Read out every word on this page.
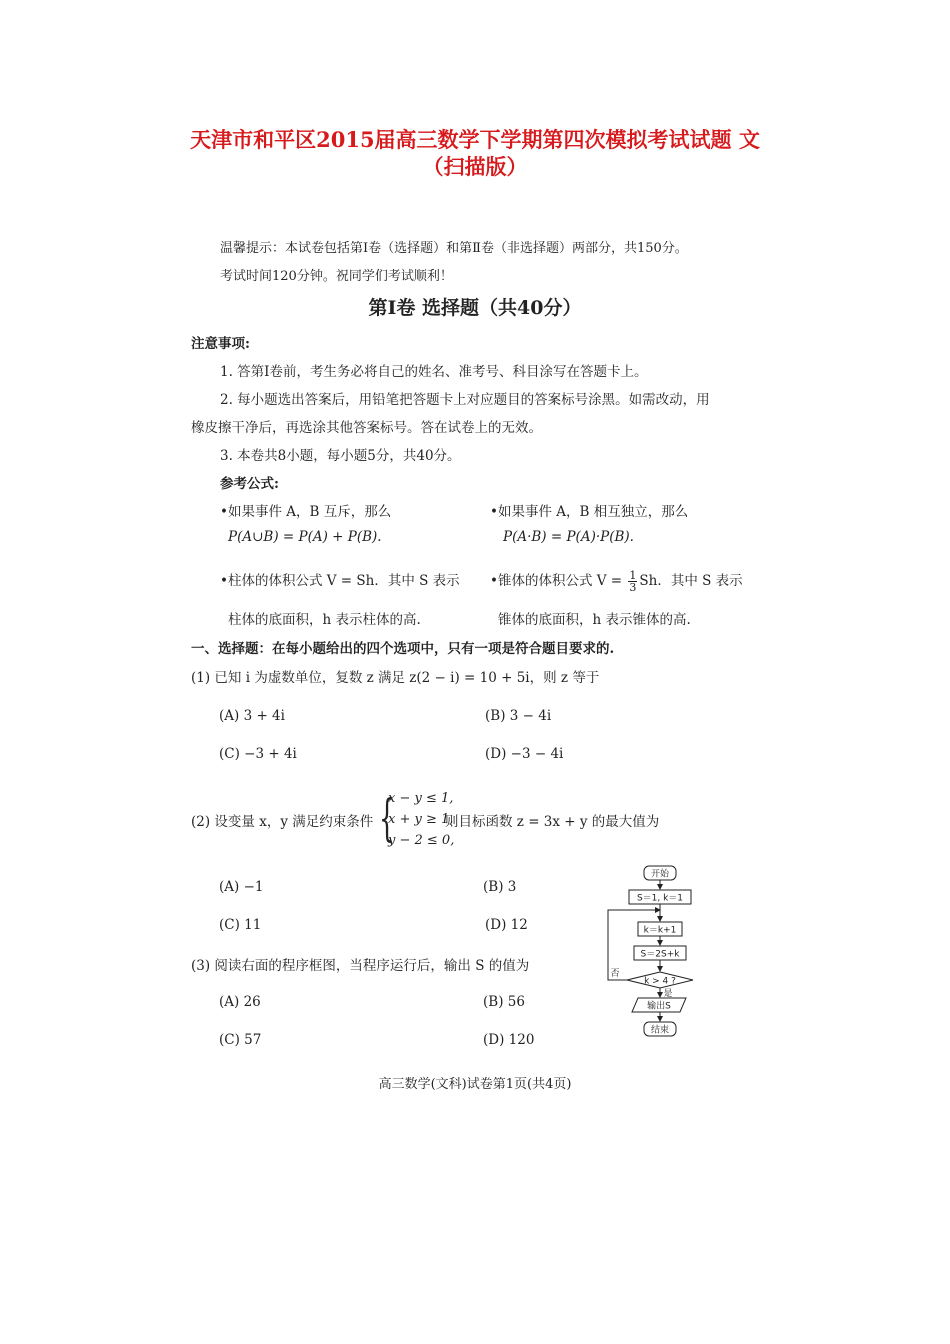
天津市和平区2015届高三数学下学期第四次模拟考试试题 文
（扫描版）
温馨提示：本试卷包括第Ⅰ卷（选择题）和第Ⅱ卷（非选择题）两部分，共150分。
考试时间120分钟。祝同学们考试顺利！
第Ⅰ卷 选择题（共40分）
注意事项:
1. 答第Ⅰ卷前，考生务必将自己的姓名、准考号、科目涂写在答题卡上。
2. 每小题选出答案后，用铅笔把答题卡上对应题目的答案标号涂黑。如需改动，用
橡皮擦干净后，再选涂其他答案标号。答在试卷上的无效。
3. 本卷共8小题，每小题5分，共40分。
参考公式:
•如果事件 A，B 互斥，那么
P(A∪B) = P(A) + P(B).
•如果事件 A，B 相互独立，那么
P(A·B) = P(A)·P(B).
•柱体的体积公式 V = Sh．其中 S 表示
柱体的底面积，h 表示柱体的高.
•锥体的体积公式 $V = \frac{1}{3}$ Sh．其中 S 表示
锥体的底面积，h 表示锥体的高.
一、选择题：在每小题给出的四个选项中，只有一项是符合题目要求的.
(1) 已知 i 为虚数单位，复数 z 满足 z(2 − i) = 10 + 5i，则 z 等于
(A) 3 + 4i	(B) 3 − 4i
(C) −3 + 4i	(D) −3 − 4i
(2) 设变量 x，y 满足约束条件 {
x − y ≤ 1,
x + y ≥ 1,
y − 2 ≤ 0,
则目标函数 z = 3x + y 的最大值为
(A) −1	(B) 3
(C) 11	(D) 12
(3) 阅读右面的程序框图，当程序运行后，输出 S 的值为
(A) 26	(B) 56
(C) 57	(D) 120
开始
S＝1, k＝1
k＝k+1
S＝2S+k
k > 4 ?
否
是
输出S
结束
高三数学(文科)试卷第1页(共4页)
